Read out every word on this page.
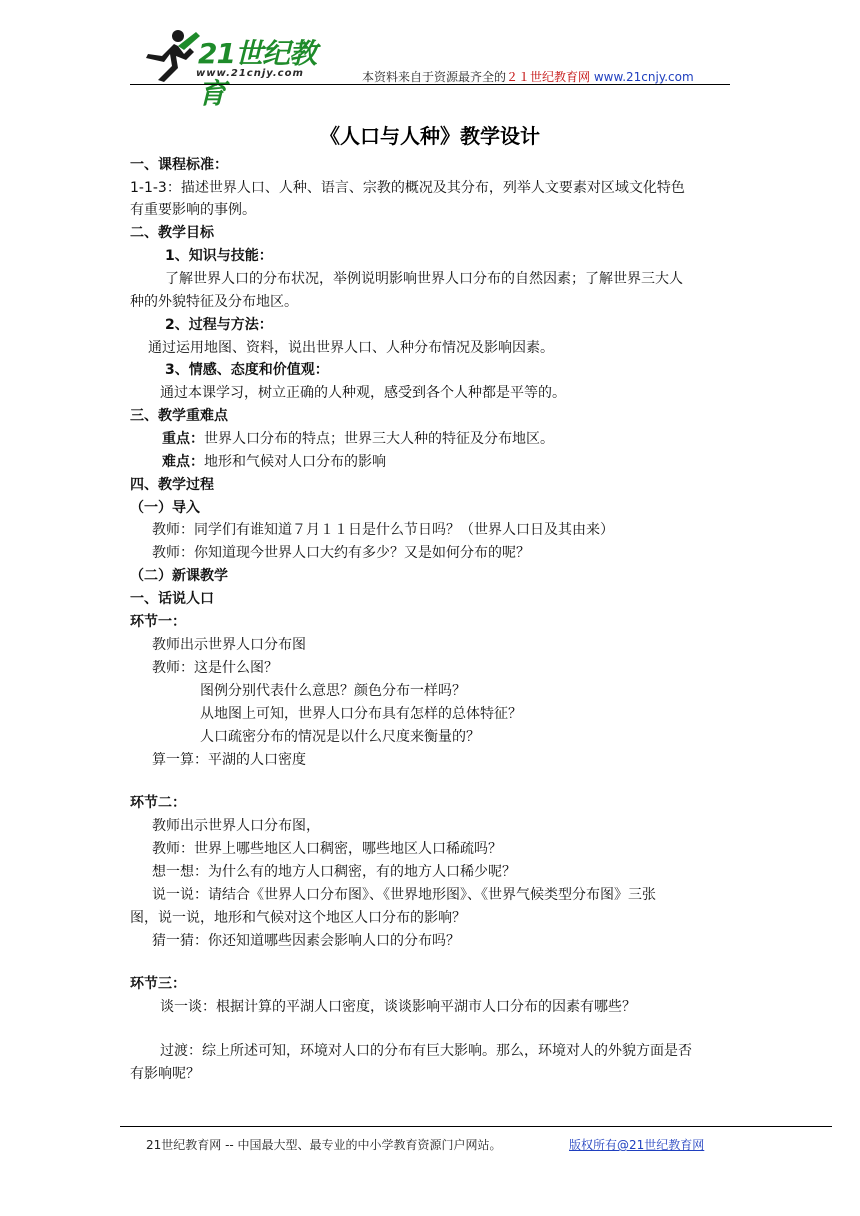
21世纪教育
www.21cnjy.com	本资料来自于资源最齐全的２１世纪教育网 www.21cnjy.com
《人口与人种》教学设计
一、课程标准：
1-1-3：描述世界人口、人种、语言、宗教的概况及其分布，列举人文要素对区域文化特色
有重要影响的事例。
二、教学目标
1、知识与技能：
了解世界人口的分布状况，举例说明影响世界人口分布的自然因素；了解世界三大人
种的外貌特征及分布地区。
2、过程与方法：
通过运用地图、资料，说出世界人口、人种分布情况及影响因素。
3、情感、态度和价值观：
通过本课学习，树立正确的人种观，感受到各个人种都是平等的。
三、教学重难点
重点：世界人口分布的特点；世界三大人种的特征及分布地区。
难点：地形和气候对人口分布的影响
四、教学过程
（一）导入
教师：同学们有谁知道７月１１日是什么节日吗？（世界人口日及其由来）
教师：你知道现今世界人口大约有多少？又是如何分布的呢？
（二）新课教学
一、话说人口
环节一：
教师出示世界人口分布图
教师：这是什么图？
图例分别代表什么意思？颜色分布一样吗？
从地图上可知，世界人口分布具有怎样的总体特征？
人口疏密分布的情况是以什么尺度来衡量的？
算一算：平湖的人口密度
环节二：
教师出示世界人口分布图，
教师：世界上哪些地区人口稠密，哪些地区人口稀疏吗？
想一想：为什么有的地方人口稠密，有的地方人口稀少呢？
说一说：请结合《世界人口分布图》、《世界地形图》、《世界气候类型分布图》三张
图，说一说，地形和气候对这个地区人口分布的影响？
猜一猜：你还知道哪些因素会影响人口的分布吗？
环节三：
谈一谈：根据计算的平湖人口密度，谈谈影响平湖市人口分布的因素有哪些？
过渡：综上所述可知，环境对人口的分布有巨大影响。那么，环境对人的外貌方面是否
有影响呢？
21世纪教育网 -- 中国最大型、最专业的中小学教育资源门户网站。	版权所有@21世纪教育网
